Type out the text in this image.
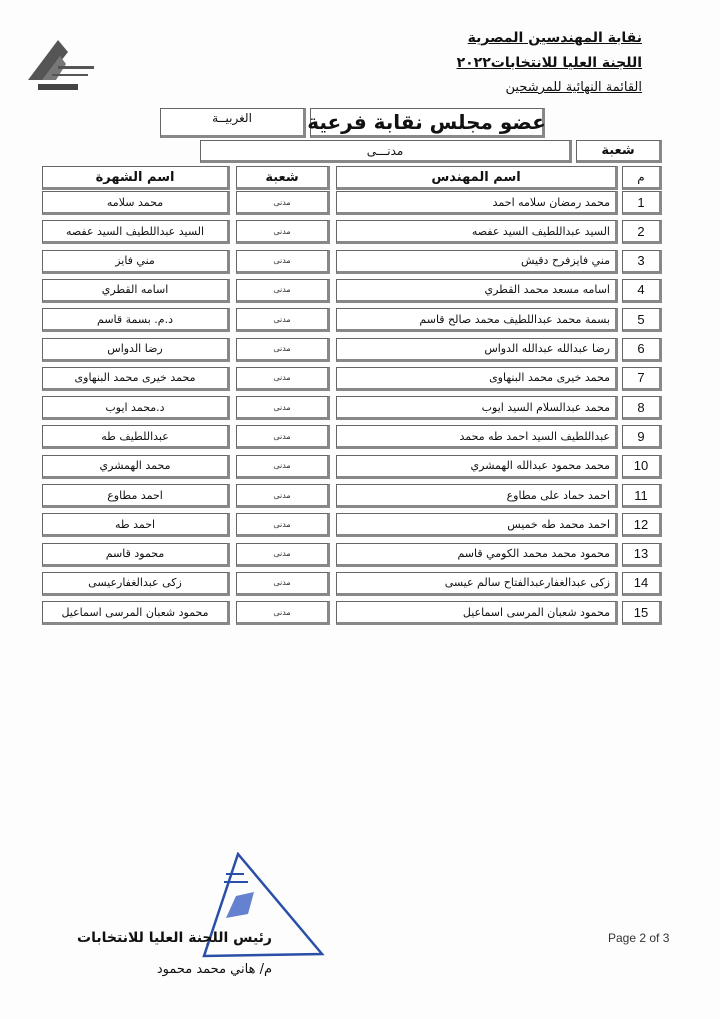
نقابة المهندسين المصرية
اللجنة العليا للانتخابات٢٠٢٢
القائمة النهائية للمرشحين
عضو مجلس نقابة فرعية
الغربيــة
شعبة
مدنـــى
م
اسم المهندس
شعبة
اسم الشهرة
1
محمد رمضان سلامه احمد
مدنى
محمد سلامه
2
السيد عبداللطيف السيد عفصه
مدنى
السيد عبداللطيف السيد عفصه
3
مني فايزفرح دقيش
مدنى
مني فايز
4
اسامه مسعد محمد القطري
مدنى
اسامه القطري
5
بسمة محمد عبداللطيف محمد صالح قاسم
مدنى
د.م. بسمة قاسم
6
رضا عبدالله عبدالله الدواس
مدنى
رضا الدواس
7
محمد خيرى محمد البنهاوى
مدنى
محمد خيرى محمد البنهاوى
8
محمد عبدالسلام السيد ايوب
مدنى
د.محمد ايوب
9
عبداللطيف السيد احمد طه محمد
مدنى
عبداللطيف طه
10
محمد محمود عبدالله الهمشري
مدنى
محمد الهمشري
11
احمد حماد على مطاوع
مدنى
احمد مطاوع
12
احمد محمد طه خميس
مدنى
احمد طه
13
محمود محمد محمد الكومي قاسم
مدنى
محمود قاسم
14
زكى عبدالغفارعبدالفتاح سالم عيسى
مدنى
زكى عبدالغفارعيسى
15
محمود شعبان المرسى اسماعيل
مدنى
محمود شعبان المرسى اسماعيل
Page 2 of 3
رئيس اللجنة العليا للانتخابات
م/ هاني محمد محمود
